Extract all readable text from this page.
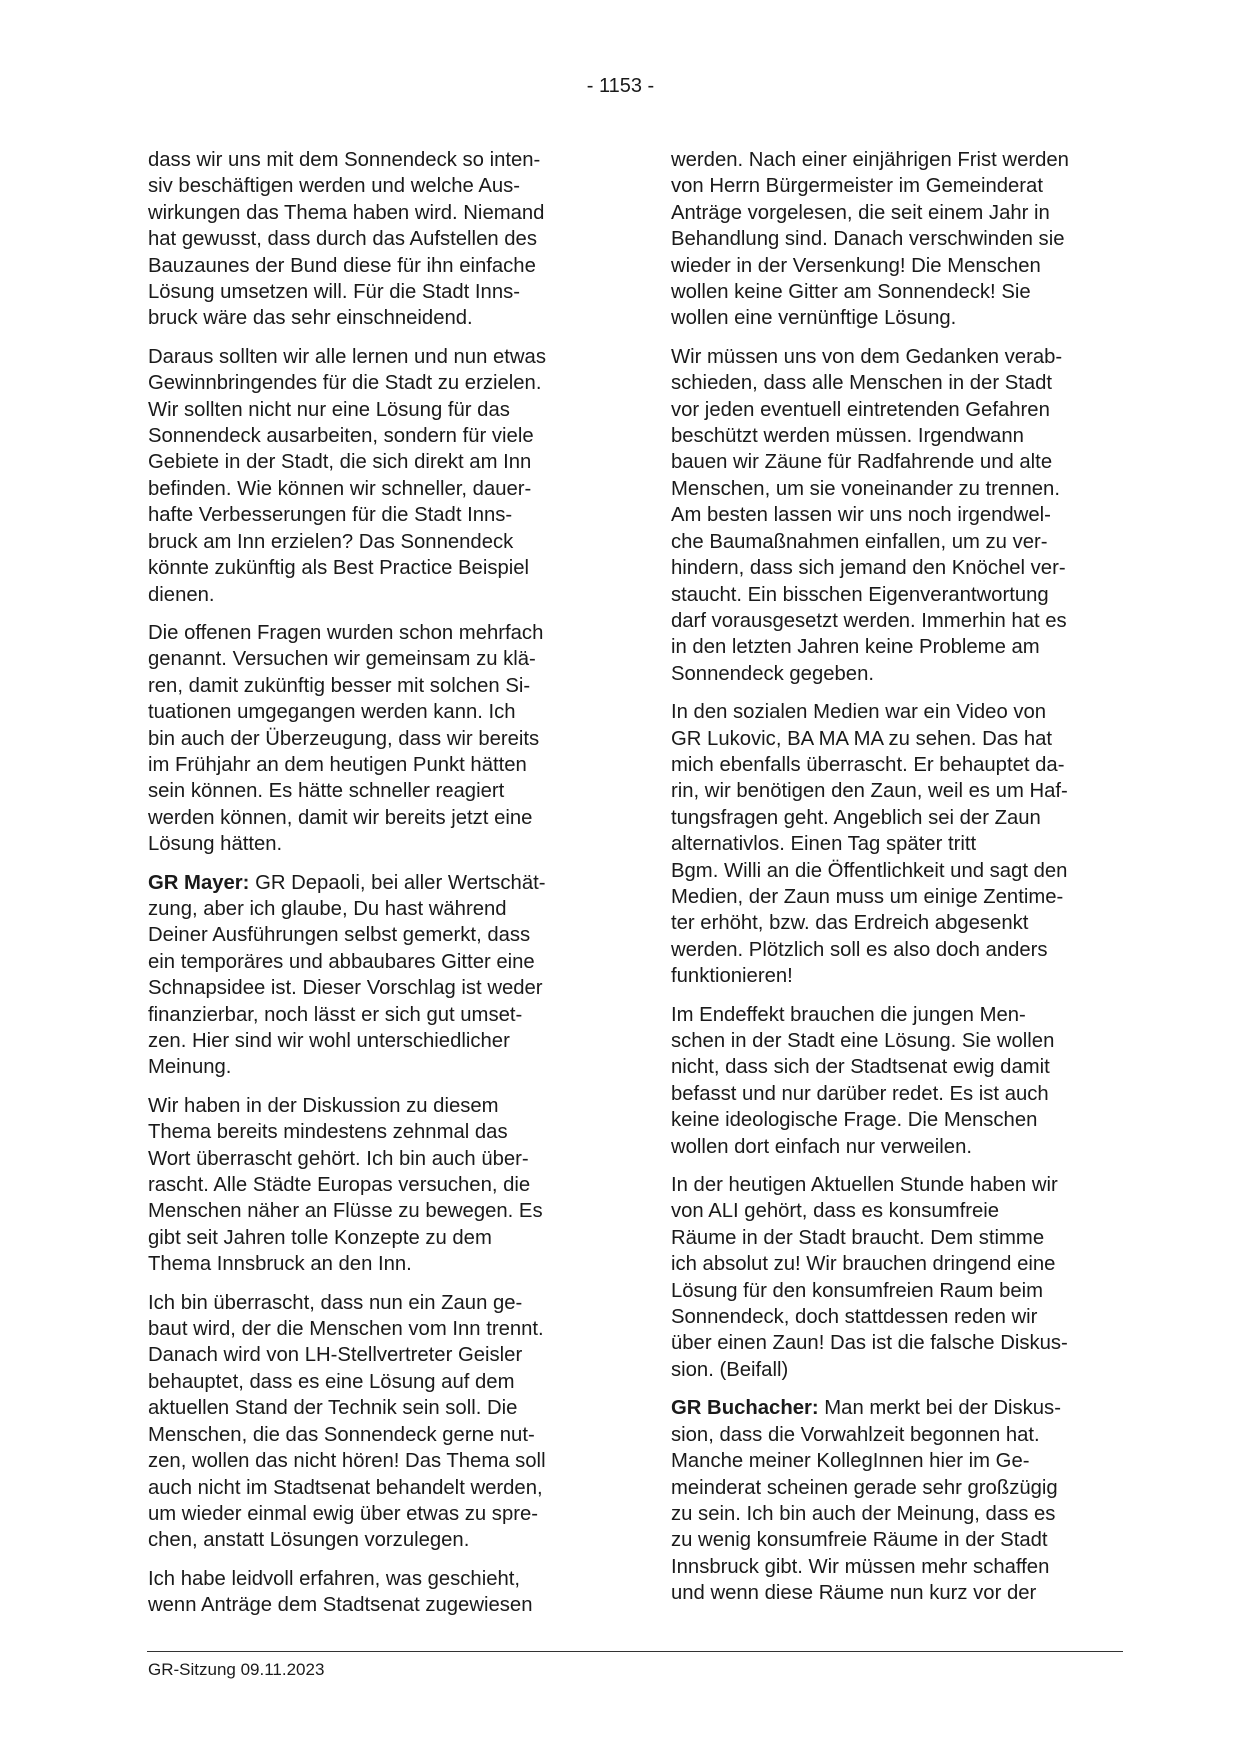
- 1153 -
dass wir uns mit dem Sonnendeck so inten-
siv beschäftigen werden und welche Aus-
wirkungen das Thema haben wird. Niemand
hat gewusst, dass durch das Aufstellen des
Bauzaunes der Bund diese für ihn einfache
Lösung umsetzen will. Für die Stadt Inns-
bruck wäre das sehr einschneidend.
Daraus sollten wir alle lernen und nun etwas
Gewinnbringendes für die Stadt zu erzielen.
Wir sollten nicht nur eine Lösung für das
Sonnendeck ausarbeiten, sondern für viele
Gebiete in der Stadt, die sich direkt am Inn
befinden. Wie können wir schneller, dauer-
hafte Verbesserungen für die Stadt Inns-
bruck am Inn erzielen? Das Sonnendeck
könnte zukünftig als Best Practice Beispiel
dienen.
Die offenen Fragen wurden schon mehrfach
genannt. Versuchen wir gemeinsam zu klä-
ren, damit zukünftig besser mit solchen Si-
tuationen umgegangen werden kann. Ich
bin auch der Überzeugung, dass wir bereits
im Frühjahr an dem heutigen Punkt hätten
sein können. Es hätte schneller reagiert
werden können, damit wir bereits jetzt eine
Lösung hätten.
GR Mayer: GR Depaoli, bei aller Wertschät-
zung, aber ich glaube, Du hast während
Deiner Ausführungen selbst gemerkt, dass
ein temporäres und abbaubares Gitter eine
Schnapsidee ist. Dieser Vorschlag ist weder
finanzierbar, noch lässt er sich gut umset-
zen. Hier sind wir wohl unterschiedlicher
Meinung.
Wir haben in der Diskussion zu diesem
Thema bereits mindestens zehnmal das
Wort überrascht gehört. Ich bin auch über-
rascht. Alle Städte Europas versuchen, die
Menschen näher an Flüsse zu bewegen. Es
gibt seit Jahren tolle Konzepte zu dem
Thema Innsbruck an den Inn.
Ich bin überrascht, dass nun ein Zaun ge-
baut wird, der die Menschen vom Inn trennt.
Danach wird von LH-Stellvertreter Geisler
behauptet, dass es eine Lösung auf dem
aktuellen Stand der Technik sein soll. Die
Menschen, die das Sonnendeck gerne nut-
zen, wollen das nicht hören! Das Thema soll
auch nicht im Stadtsenat behandelt werden,
um wieder einmal ewig über etwas zu spre-
chen, anstatt Lösungen vorzulegen.
Ich habe leidvoll erfahren, was geschieht,
wenn Anträge dem Stadtsenat zugewiesen
werden. Nach einer einjährigen Frist werden
von Herrn Bürgermeister im Gemeinderat
Anträge vorgelesen, die seit einem Jahr in
Behandlung sind. Danach verschwinden sie
wieder in der Versenkung! Die Menschen
wollen keine Gitter am Sonnendeck! Sie
wollen eine vernünftige Lösung.
Wir müssen uns von dem Gedanken verab-
schieden, dass alle Menschen in der Stadt
vor jeden eventuell eintretenden Gefahren
beschützt werden müssen. Irgendwann
bauen wir Zäune für Radfahrende und alte
Menschen, um sie voneinander zu trennen.
Am besten lassen wir uns noch irgendwel-
che Baumaßnahmen einfallen, um zu ver-
hindern, dass sich jemand den Knöchel ver-
staucht. Ein bisschen Eigenverantwortung
darf vorausgesetzt werden. Immerhin hat es
in den letzten Jahren keine Probleme am
Sonnendeck gegeben.
In den sozialen Medien war ein Video von
GR Lukovic, BA MA MA zu sehen. Das hat
mich ebenfalls überrascht. Er behauptet da-
rin, wir benötigen den Zaun, weil es um Haf-
tungsfragen geht. Angeblich sei der Zaun
alternativlos. Einen Tag später tritt
Bgm. Willi an die Öffentlichkeit und sagt den
Medien, der Zaun muss um einige Zentime-
ter erhöht, bzw. das Erdreich abgesenkt
werden. Plötzlich soll es also doch anders
funktionieren!
Im Endeffekt brauchen die jungen Men-
schen in der Stadt eine Lösung. Sie wollen
nicht, dass sich der Stadtsenat ewig damit
befasst und nur darüber redet. Es ist auch
keine ideologische Frage. Die Menschen
wollen dort einfach nur verweilen.
In der heutigen Aktuellen Stunde haben wir
von ALI gehört, dass es konsumfreie
Räume in der Stadt braucht. Dem stimme
ich absolut zu! Wir brauchen dringend eine
Lösung für den konsumfreien Raum beim
Sonnendeck, doch stattdessen reden wir
über einen Zaun! Das ist die falsche Diskus-
sion. (Beifall)
GR Buchacher: Man merkt bei der Diskus-
sion, dass die Vorwahlzeit begonnen hat.
Manche meiner KollegInnen hier im Ge-
meinderat scheinen gerade sehr großzügig
zu sein. Ich bin auch der Meinung, dass es
zu wenig konsumfreie Räume in der Stadt
Innsbruck gibt. Wir müssen mehr schaffen
und wenn diese Räume nun kurz vor der
GR-Sitzung 09.11.2023
